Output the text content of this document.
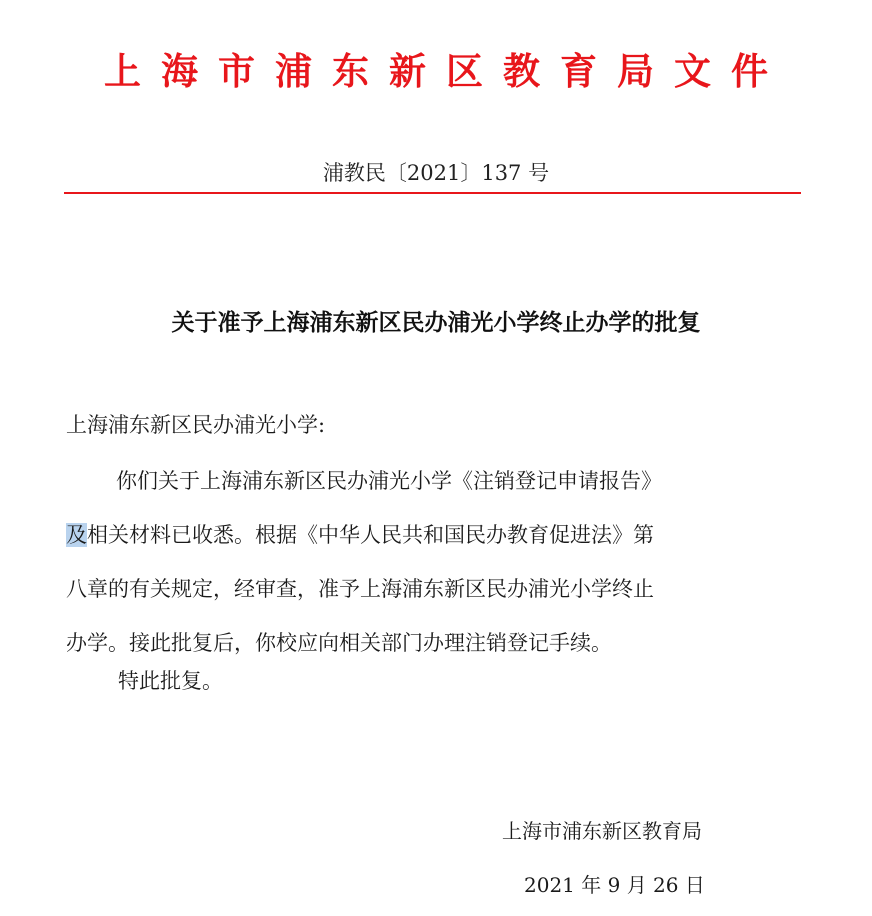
上海市浦东新区教育局文件
浦教民〔2021〕137 号
关于准予上海浦东新区民办浦光小学终止办学的批复
上海浦东新区民办浦光小学:
你们关于上海浦东新区民办浦光小学《注销登记申请报告》
及相关材料已收悉。根据《中华人民共和国民办教育促进法》第
八章的有关规定，经审查，准予上海浦东新区民办浦光小学终止
办学。接此批复后，你校应向相关部门办理注销登记手续。
特此批复。
上海市浦东新区教育局
2021 年 9 月 26 日
